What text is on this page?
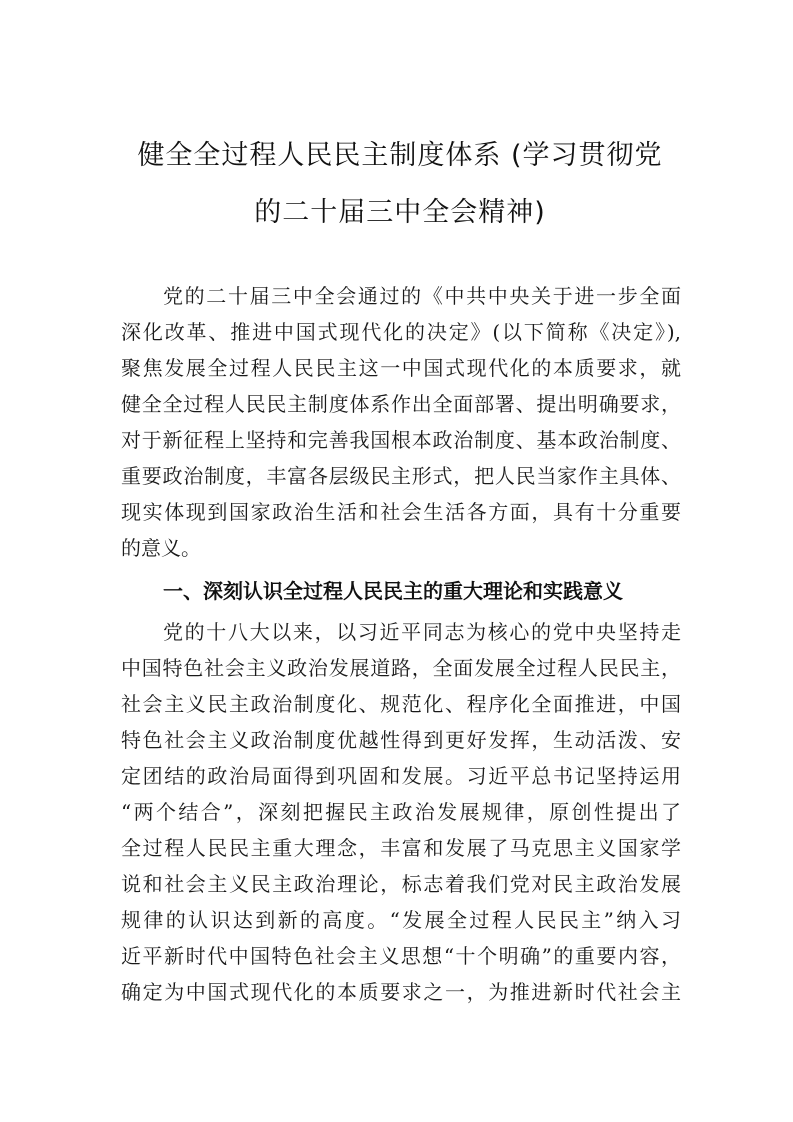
健全全过程人民民主制度体系 (学习贯彻党
的二十届三中全会精神)
党的二十届三中全会通过的《中共中央关于进一步全面
深化改革、推进中国式现代化的决定》(以下简称《决定》),
聚焦发展全过程人民民主这一中国式现代化的本质要求，就
健全全过程人民民主制度体系作出全面部署、提出明确要求，
对于新征程上坚持和完善我国根本政治制度、基本政治制度、
重要政治制度，丰富各层级民主形式，把人民当家作主具体、
现实体现到国家政治生活和社会生活各方面，具有十分重要
的意义。
一、深刻认识全过程人民民主的重大理论和实践意义
党的十八大以来，以习近平同志为核心的党中央坚持走
中国特色社会主义政治发展道路，全面发展全过程人民民主，
社会主义民主政治制度化、规范化、程序化全面推进，中国
特色社会主义政治制度优越性得到更好发挥，生动活泼、安
定团结的政治局面得到巩固和发展。习近平总书记坚持运用
“两个结合”，深刻把握民主政治发展规律，原创性提出了
全过程人民民主重大理念，丰富和发展了马克思主义国家学
说和社会主义民主政治理论，标志着我们党对民主政治发展
规律的认识达到新的高度。“发展全过程人民民主”纳入习
近平新时代中国特色社会主义思想“十个明确”的重要内容，
确定为中国式现代化的本质要求之一，为推进新时代社会主
